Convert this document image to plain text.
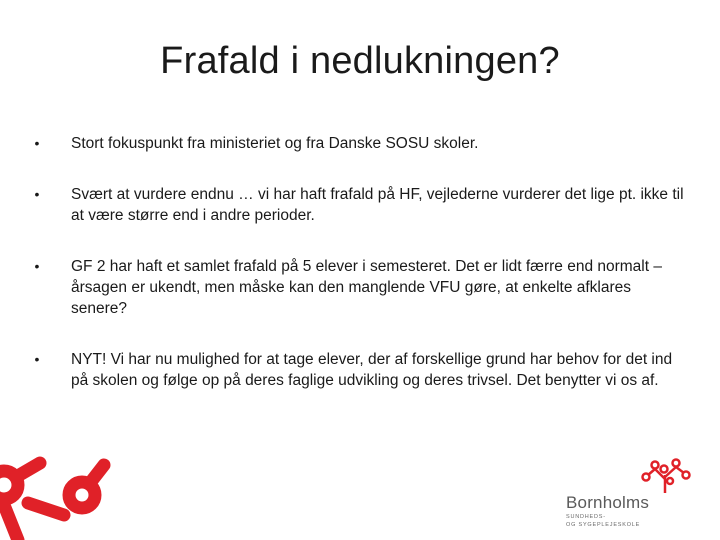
Frafald i nedlukningen?
• Stort fokuspunkt fra ministeriet og fra Danske SOSU skoler.
• Svært at vurdere endnu … vi har haft frafald på HF, vejlederne vurderer det lige pt. ikke til at være større end i andre perioder.
• GF 2 har haft et samlet frafald på 5 elever i semesteret. Det er lidt færre end normalt – årsagen er ukendt, men måske kan den manglende VFU gøre, at enkelte afklares senere?
• NYT! Vi har nu mulighed for at tage elever, der af forskellige grund har behov for det ind på skolen og følge op på deres faglige udvikling og deres trivsel. Det benytter vi os af.
Bornholms
SUNDHEDS-
OG SYGEPLEJESKOLE
